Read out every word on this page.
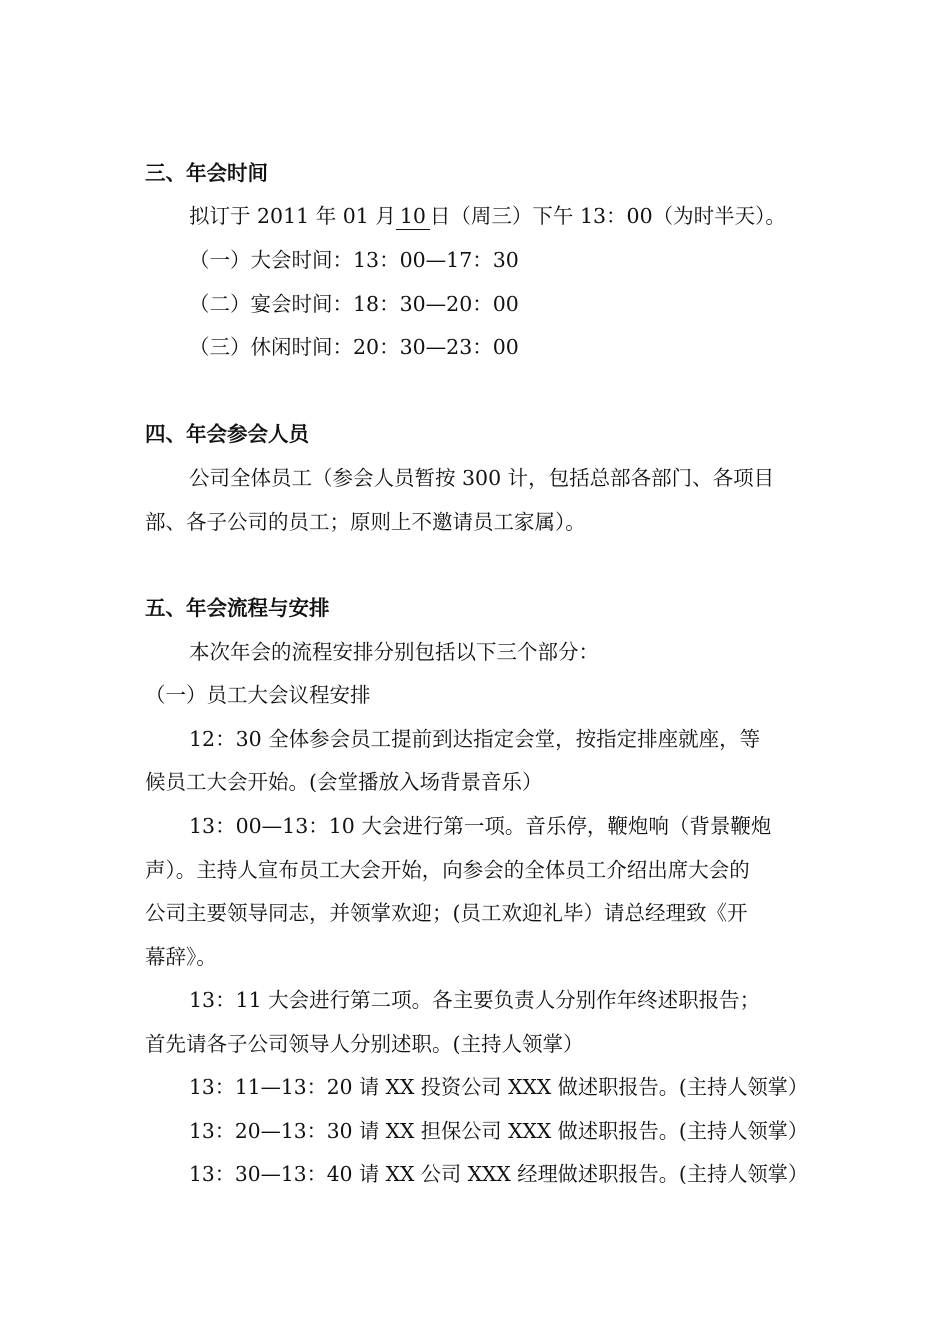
三、年会时间
拟订于 2011 年 01 月 10 日（周三）下午 13：00（为时半天）。
（一）大会时间：13：00—17：30
（二）宴会时间：18：30—20：00
（三）休闲时间：20：30—23：00
四、年会参会人员
公司全体员工（参会人员暂按 300 计，包括总部各部门、各项目
部、各子公司的员工；原则上不邀请员工家属）。
五、年会流程与安排
本次年会的流程安排分别包括以下三个部分：
（一）员工大会议程安排
12：30 全体参会员工提前到达指定会堂，按指定排座就座，等
候员工大会开始。(会堂播放入场背景音乐）
13：00—13：10 大会进行第一项。音乐停，鞭炮响（背景鞭炮
声）。主持人宣布员工大会开始，向参会的全体员工介绍出席大会的
公司主要领导同志，并领掌欢迎；(员工欢迎礼毕）请总经理致《开
幕辞》。
13：11 大会进行第二项。各主要负责人分别作年终述职报告；
首先请各子公司领导人分别述职。(主持人领掌）
13：11—13：20 请 XX 投资公司 XXX 做述职报告。(主持人领掌）
13：20—13：30 请 XX 担保公司 XXX 做述职报告。(主持人领掌）
13：30—13：40 请 XX 公司 XXX 经理做述职报告。(主持人领掌）
